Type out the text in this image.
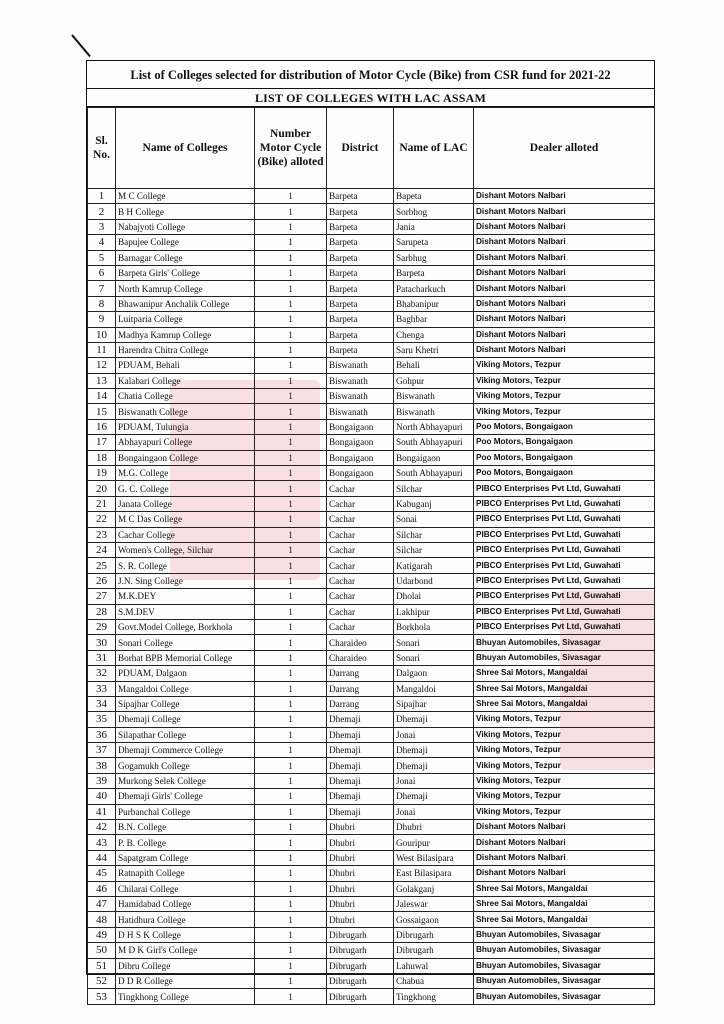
List of Colleges selected for distribution of Motor Cycle (Bike) from CSR fund for 2021-22
LIST OF COLLEGES WITH LAC ASSAM
Sl. No.	Name of Colleges	Number Motor Cycle (Bike) alloted	District	Name of LAC	Dealer alloted
1	M C College	1	Barpeta	Bapeta	Dishant Motors Nalbari
2	B H College	1	Barpeta	Sorbhog	Dishant Motors Nalbari
3	Nabajyoti College	1	Barpeta	Jania	Dishant Motors Nalbari
4	Bapujee College	1	Barpeta	Sarupeta	Dishant Motors Nalbari
5	Barnagar College	1	Barpeta	Sarbhug	Dishant Motors Nalbari
6	Barpeta Girls' College	1	Barpeta	Barpeta	Dishant Motors Nalbari
7	North Kamrup College	1	Barpeta	Patacharkuch	Dishant Motors Nalbari
8	Bhawanipur Anchalik College	1	Barpeta	Bhabanipur	Dishant Motors Nalbari
9	Luitparia College	1	Barpeta	Baghbar	Dishant Motors Nalbari
10	Madhya Kamrup College	1	Barpeta	Chenga	Dishant Motors Nalbari
11	Harendra Chitra College	1	Barpeta	Saru Khetri	Dishant Motors Nalbari
12	PDUAM, Behali	1	Biswanath	Behali	Viking Motors, Tezpur
13	Kalabari College	1	Biswanath	Gohpur	Viking Motors, Tezpur
14	Chatia College	1	Biswanath	Biswanath	Viking Motors, Tezpur
15	Biswanath College	1	Biswanath	Biswanath	Viking Motors, Tezpur
16	PDUAM, Tulungia	1	Bongaigaon	North Abhayapuri	Poo Motors, Bongaigaon
17	Abhayapuri College	1	Bongaigaon	South Abhayapuri	Poo Motors, Bongaigaon
18	Bongaingaon College	1	Bongaigaon	Bongaigaon	Poo Motors, Bongaigaon
19	M.G. College	1	Bongaigaon	South Abhayapuri	Poo Motors, Bongaigaon
20	G. C. College	1	Cachar	Silchar	PIBCO Enterprises Pvt Ltd, Guwahati
21	Janata College	1	Cachar	Kabuganj	PIBCO Enterprises Pvt Ltd, Guwahati
22	M C Das College	1	Cachar	Sonai	PIBCO Enterprises Pvt Ltd, Guwahati
23	Cachar College	1	Cachar	Silchar	PIBCO Enterprises Pvt Ltd, Guwahati
24	Women's College, Silchar	1	Cachar	Silchar	PIBCO Enterprises Pvt Ltd, Guwahati
25	S. R. College	1	Cachar	Katigarah	PIBCO Enterprises Pvt Ltd, Guwahati
26	J.N. Sing College	1	Cachar	Udarbond	PIBCO Enterprises Pvt Ltd, Guwahati
27	M.K.DEY	1	Cachar	Dholai	PIBCO Enterprises Pvt Ltd, Guwahati
28	S.M.DEV	1	Cachar	Lakhipur	PIBCO Enterprises Pvt Ltd, Guwahati
29	Govt.Model College, Borkhola	1	Cachar	Borkhola	PIBCO Enterprises Pvt Ltd, Guwahati
30	Sonari College	1	Charaideo	Sonari	Bhuyan Automobiles, Sivasagar
31	Borhat BPB Memorial College	1	Charaideo	Sonari	Bhuyan Automobiles, Sivasagar
32	PDUAM, Dalgaon	1	Darrang	Dalgaon	Shree Sai Motors, Mangaldai
33	Mangaldoi College	1	Darrang	Mangaldoi	Shree Sai Motors, Mangaldai
34	Sipajhar College	1	Darrang	Sipajhar	Shree Sai Motors, Mangaldai
35	Dhemaji College	1	Dhemaji	Dhemaji	Viking Motors, Tezpur
36	Silapathar College	1	Dhemaji	Jonai	Viking Motors, Tezpur
37	Dhemaji Commerce College	1	Dhemaji	Dhemaji	Viking Motors, Tezpur
38	Gogamukh College	1	Dhemaji	Dhemaji	Viking Motors, Tezpur
39	Murkong Selek College	1	Dhemaji	Jonai	Viking Motors, Tezpur
40	Dhemaji Girls' College	1	Dhemaji	Dhemaji	Viking Motors, Tezpur
41	Purbanchal College	1	Dhemaji	Jonai	Viking Motors, Tezpur
42	B.N. College	1	Dhubri	Dhubri	Dishant Motors Nalbari
43	P. B. College	1	Dhubri	Gouripur	Dishant Motors Nalbari
44	Sapatgram College	1	Dhubri	West Bilasipara	Dishant Motors Nalbari
45	Ratnapith College	1	Dhubri	East Bilasipara	Dishant Motors Nalbari
46	Chilarai College	1	Dhubri	Golakganj	Shree Sai Motors, Mangaldai
47	Hamidabad College	1	Dhubri	Jaleswar	Shree Sai Motors, Mangaldai
48	Hatidhura College	1	Dhubri	Gossaigaon	Shree Sai Motors, Mangaldai
49	D H S K College	1	Dibrugarh	Dibrugarh	Bhuyan Automobiles, Sivasagar
50	M D K Girl's College	1	Dibrugarh	Dibrugarh	Bhuyan Automobiles, Sivasagar
51	Dibru College	1	Dibrugarh	Lahuwal	Bhuyan Automobiles, Sivasagar
52	D D R College	1	Dibrugarh	Chabua	Bhuyan Automobiles, Sivasagar
53	Tingkhong College	1	Dibrugarh	Tingkhong	Bhuyan Automobiles, Sivasagar
